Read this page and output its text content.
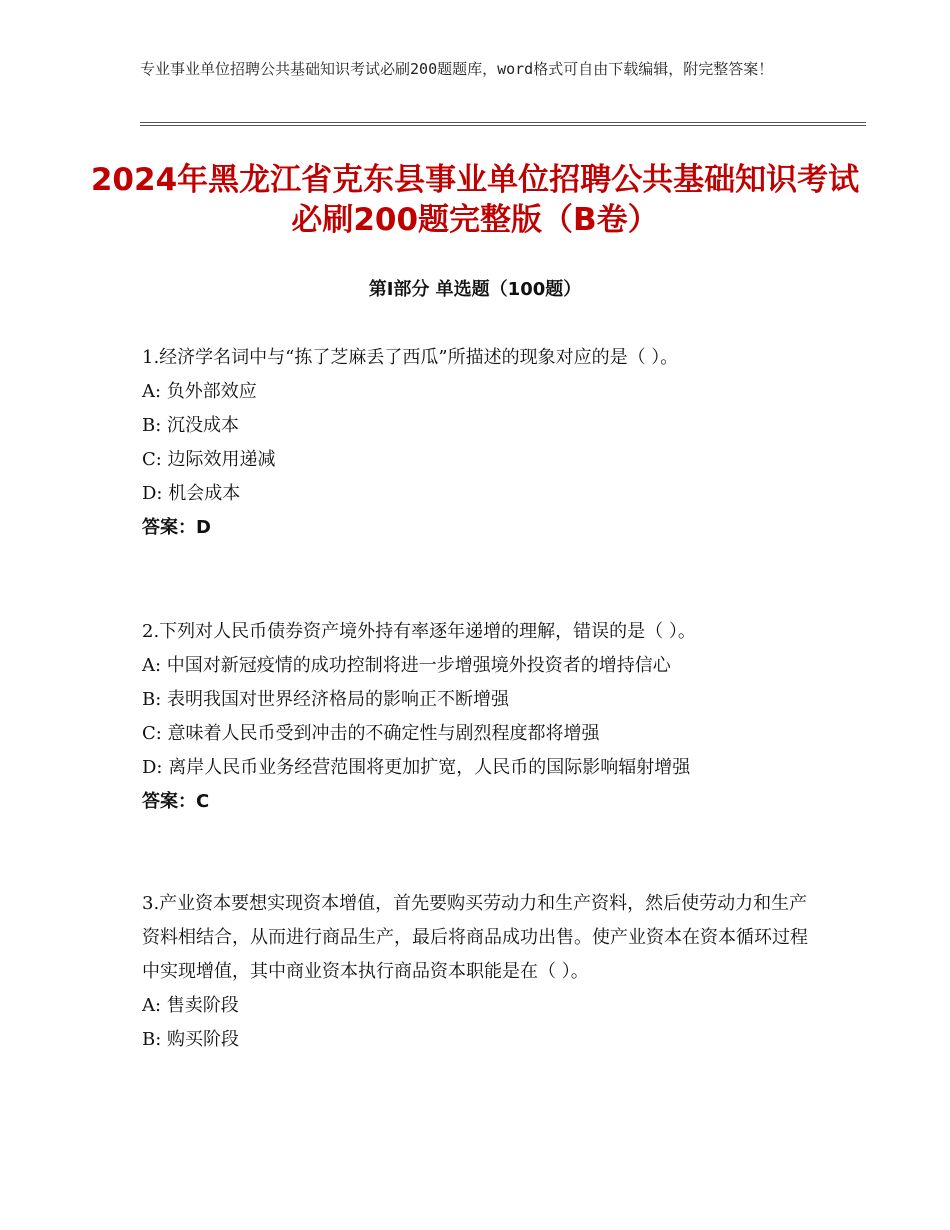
专业事业单位招聘公共基础知识考试必刷200题题库，word格式可自由下载编辑，附完整答案！
2024年黑龙江省克东县事业单位招聘公共基础知识考试必刷200题完整版（B卷）
第Ⅰ部分 单选题（100题）

1.经济学名词中与“拣了芝麻丢了西瓜”所描述的现象对应的是（ ）。

A: 负外部效应

B: 沉没成本

C: 边际效用递减

D: 机会成本

答案：D

2.下列对人民币债券资产境外持有率逐年递增的理解，错误的是（ ）。

A: 中国对新冠疫情的成功控制将进一步增强境外投资者的增持信心

B: 表明我国对世界经济格局的影响正不断增强

C: 意味着人民币受到冲击的不确定性与剧烈程度都将增强

D: 离岸人民币业务经营范围将更加扩宽，人民币的国际影响辐射增强

答案：C

3.产业资本要想实现资本增值，首先要购买劳动力和生产资料，然后使劳动力和生产资料相结合，从而进行商品生产，最后将商品成功出售。使产业资本在资本循环过程中实现增值，其中商业资本执行商品资本职能是在（ ）。

A: 售卖阶段

B: 购买阶段
